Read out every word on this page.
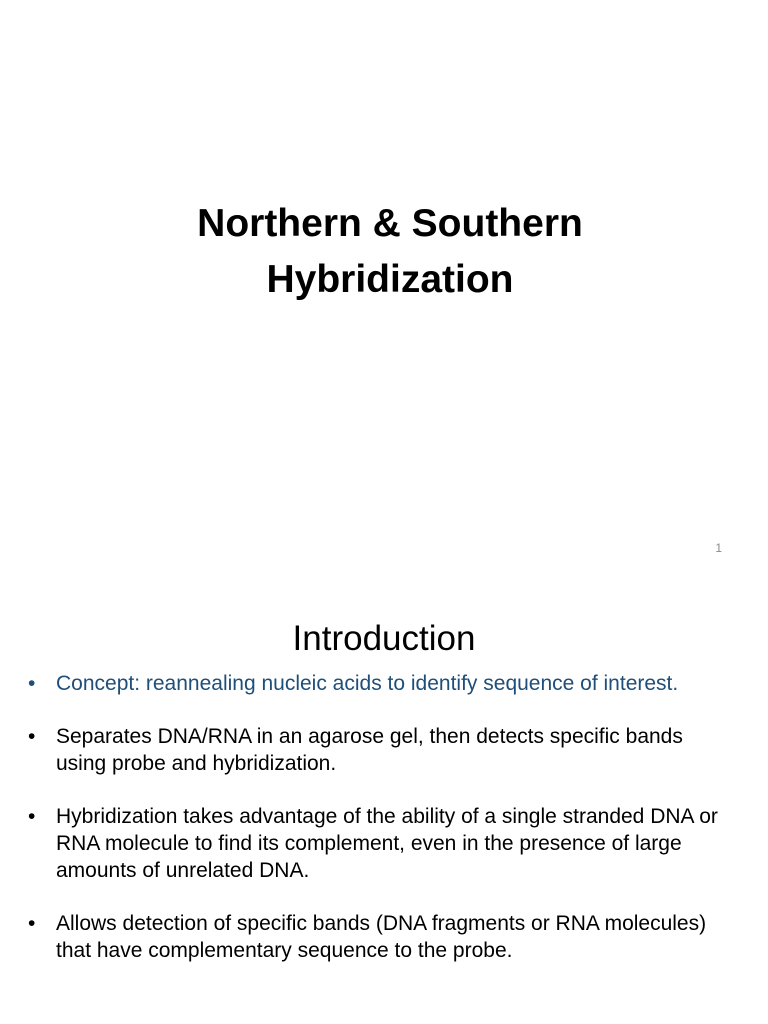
Northern & Southern
Hybridization
1
Introduction
• Concept: reannealing nucleic acids to identify sequence of interest.
• Separates DNA/RNA in an agarose gel, then detects specific bands using probe and hybridization.
• Hybridization takes advantage of the ability of a single stranded DNA or RNA molecule to find its complement, even in the presence of large amounts of unrelated DNA.
• Allows detection of specific bands (DNA fragments or RNA molecules) that have complementary sequence to the probe.
